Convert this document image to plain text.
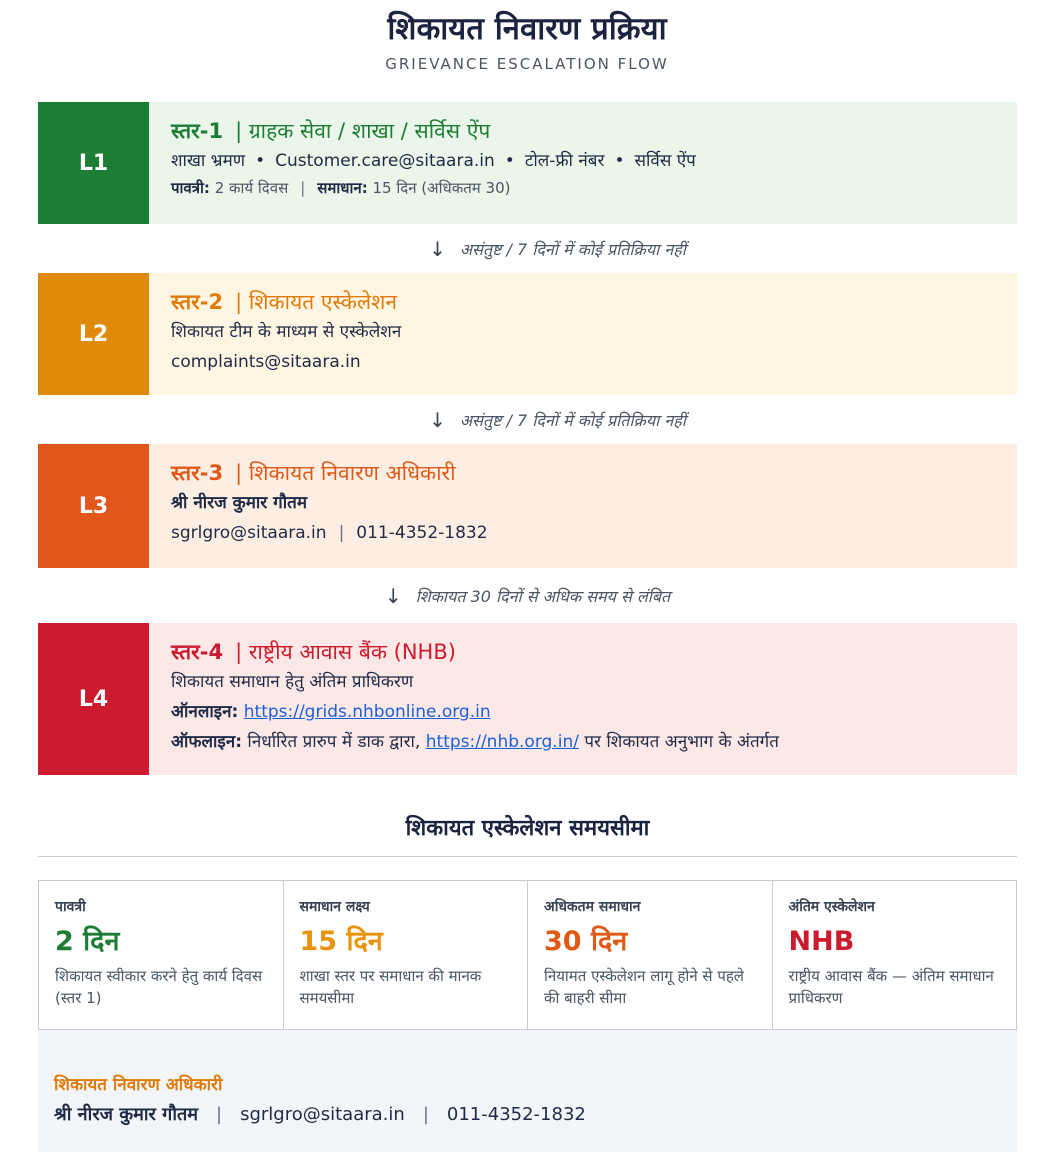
शिकायत निवारण प्रक्रिया
GRIEVANCE ESCALATION FLOW
L1
स्तर-1 | ग्राहक सेवा / शाखा / सर्विस ऐंप
शाखा भ्रमण • Customer.care@sitaara.in • टोल-फ्री नंबर • सर्विस ऐंप
पावत्री: 2 कार्य दिवस | समाधान: 15 दिन (अधिकतम 30)
↓ असंतुष्ट / 7 दिनों में कोई प्रतिक्रिया नहीं
L2
स्तर-2 | शिकायत एस्केलेशन
शिकायत टीम के माध्यम से एस्केलेशन
complaints@sitaara.in
↓ असंतुष्ट / 7 दिनों में कोई प्रतिक्रिया नहीं
L3
स्तर-3 | शिकायत निवारण अधिकारी
श्री नीरज कुमार गौतम
sgrlgro@sitaara.in | 011-4352-1832
↓ शिकायत 30 दिनों से अधिक समय से लंबित
L4
स्तर-4 | राष्ट्रीय आवास बैंक (NHB)
शिकायत समाधान हेतु अंतिम प्राधिकरण
ऑनलाइन: https://grids.nhbonline.org.in
ऑफलाइन: निर्धारित प्रारुप में डाक द्वारा, https://nhb.org.in/ पर शिकायत अनुभाग के अंतर्गत
शिकायत एस्केलेशन समयसीमा
पावत्री
2 दिन
शिकायत स्वीकार करने हेतु कार्य दिवस (स्तर 1)
समाधान लक्ष्य
15 दिन
शाखा स्तर पर समाधान की मानक समयसीमा
अधिकतम समाधान
30 दिन
नियामत एस्केलेशन लागू होने से पहले की बाहरी सीमा
अंतिम एस्केलेशन
NHB
राष्ट्रीय आवास बैंक — अंतिम समाधान प्राधिकरण
शिकायत निवारण अधिकारी
श्री नीरज कुमार गौतम | sgrlgro@sitaara.in | 011-4352-1832
